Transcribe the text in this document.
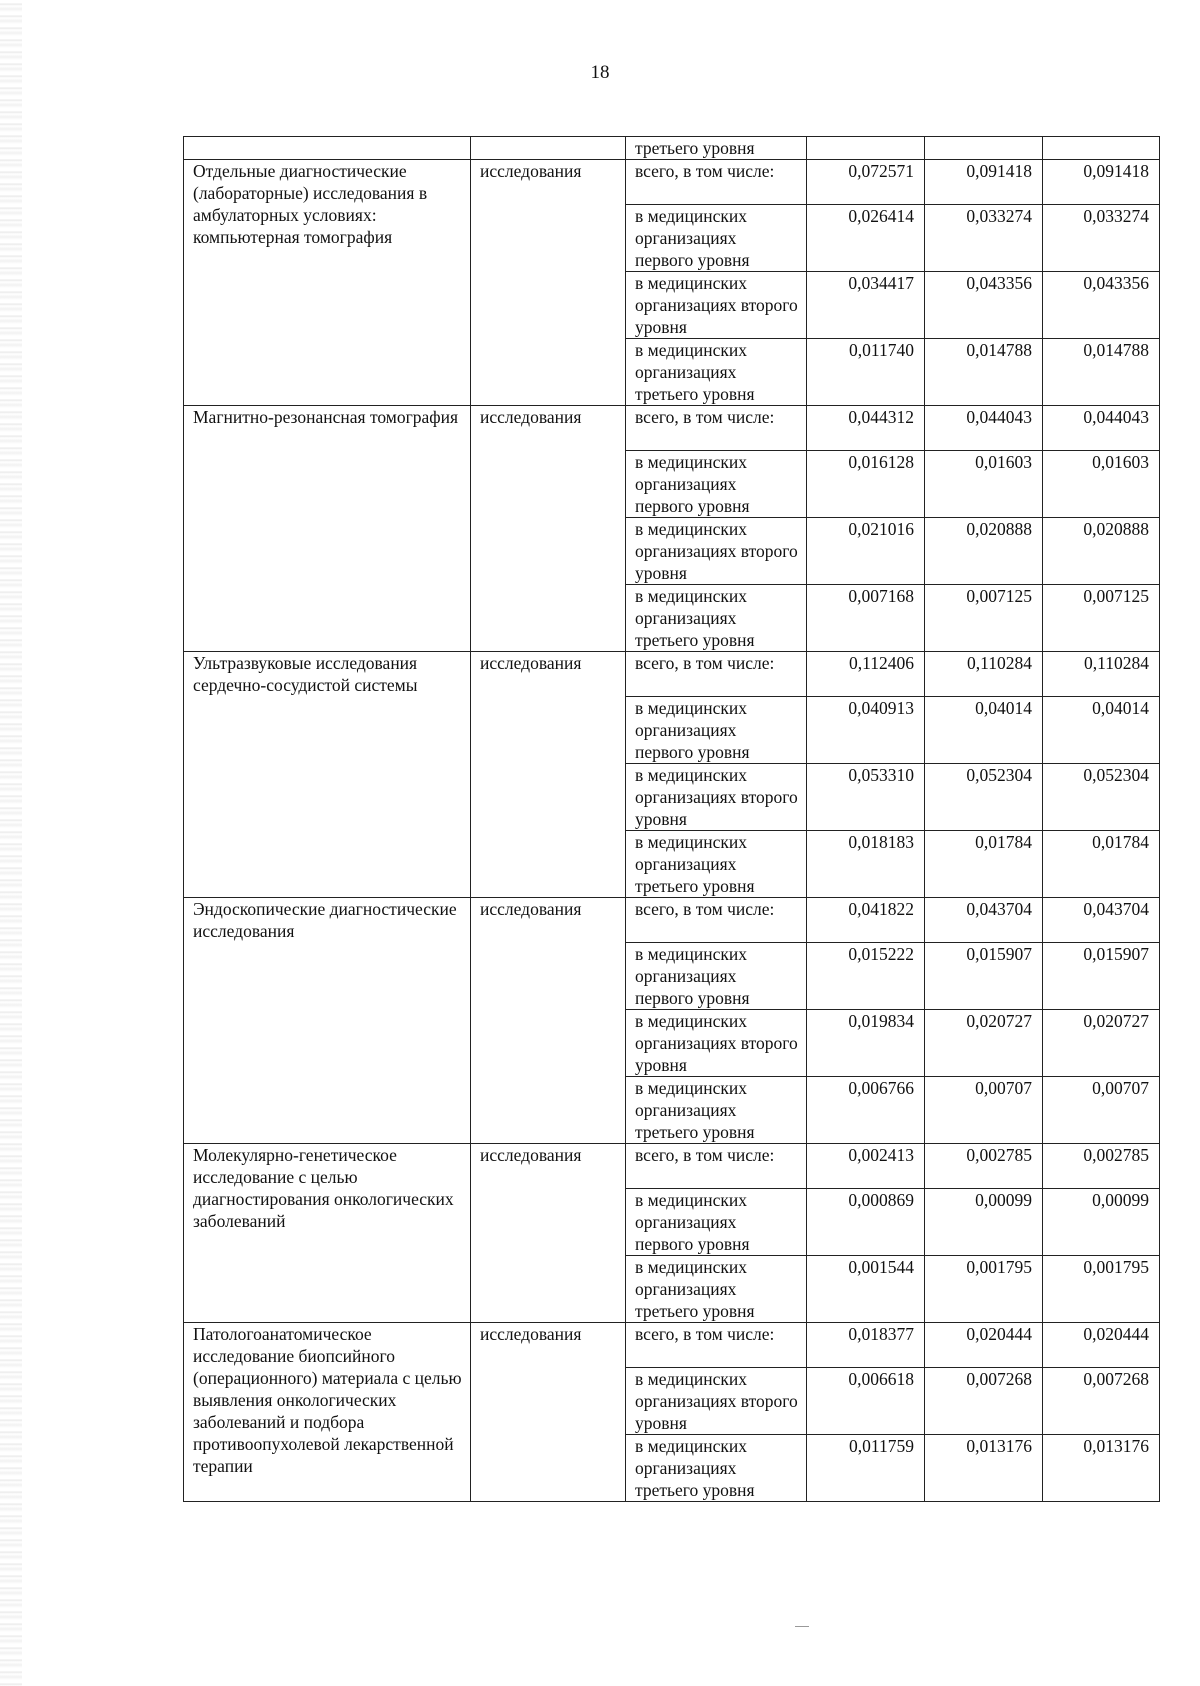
18
		третьего уровня			
Отдельные диагностические (лабораторные) исследования в амбулаторных условиях: компьютерная томография	исследования	всего, в том числе:	0,072571	0,091418	0,091418
		в медицинских организациях первого уровня	0,026414	0,033274	0,033274
		в медицинских организациях второго уровня	0,034417	0,043356	0,043356
		в медицинских организациях третьего уровня	0,011740	0,014788	0,014788
Магнитно-резонансная томография	исследования	всего, в том числе:	0,044312	0,044043	0,044043
		в медицинских организациях первого уровня	0,016128	0,01603	0,01603
		в медицинских организациях второго уровня	0,021016	0,020888	0,020888
		в медицинских организациях третьего уровня	0,007168	0,007125	0,007125
Ультразвуковые исследования сердечно-сосудистой системы	исследования	всего, в том числе:	0,112406	0,110284	0,110284
		в медицинских организациях первого уровня	0,040913	0,04014	0,04014
		в медицинских организациях второго уровня	0,053310	0,052304	0,052304
		в медицинских организациях третьего уровня	0,018183	0,01784	0,01784
Эндоскопические диагностические исследования	исследования	всего, в том числе:	0,041822	0,043704	0,043704
		в медицинских организациях первого уровня	0,015222	0,015907	0,015907
		в медицинских организациях второго уровня	0,019834	0,020727	0,020727
		в медицинских организациях третьего уровня	0,006766	0,00707	0,00707
Молекулярно-генетическое исследование с целью диагностирования онкологических заболеваний	исследования	всего, в том числе:	0,002413	0,002785	0,002785
		в медицинских организациях первого уровня	0,000869	0,00099	0,00099
		в медицинских организациях третьего уровня	0,001544	0,001795	0,001795
Патологоанатомическое исследование биопсийного (операционного) материала с целью выявления онкологических заболеваний и подбора противоопухолевой лекарственной терапии	исследования	всего, в том числе:	0,018377	0,020444	0,020444
		в медицинских организациях второго уровня	0,006618	0,007268	0,007268
		в медицинских организациях третьего уровня	0,011759	0,013176	0,013176
